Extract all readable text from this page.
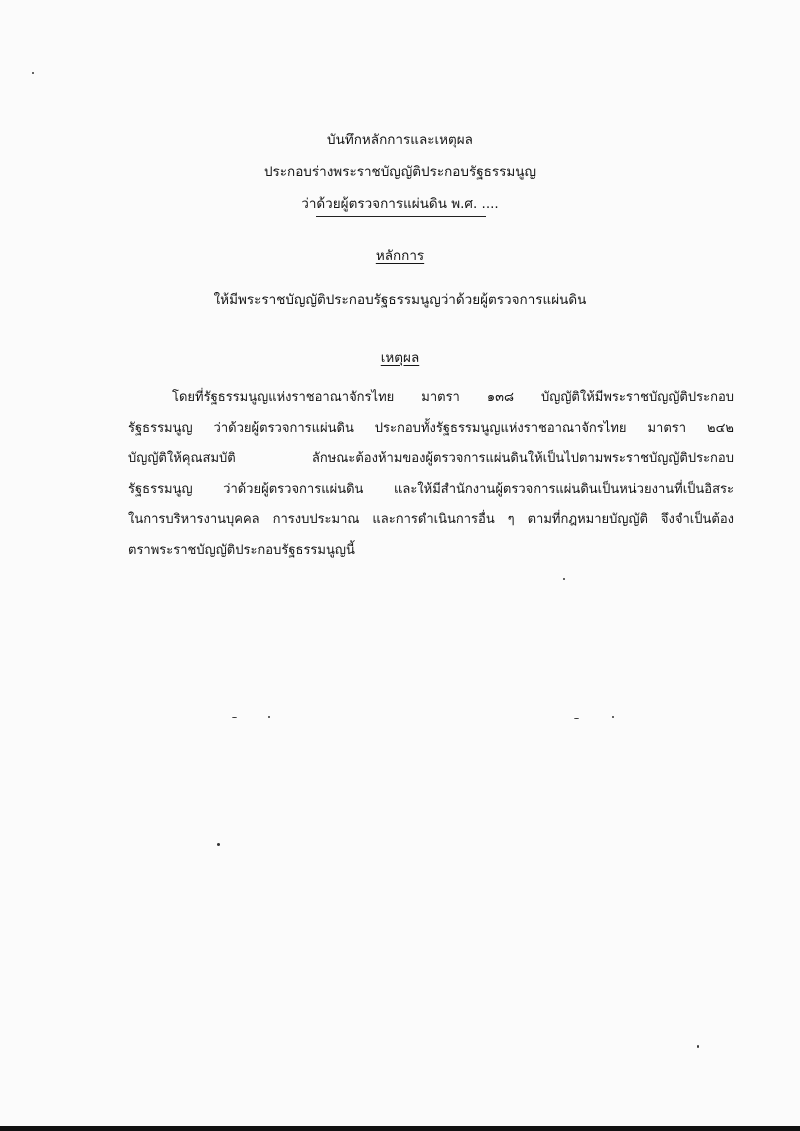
บันทึกหลักการและเหตุผล
ประกอบร่างพระราชบัญญัติประกอบรัฐธรรมนูญ
ว่าด้วยผู้ตรวจการแผ่นดิน พ.ศ. ....
หลักการ
ให้มีพระราชบัญญัติประกอบรัฐธรรมนูญว่าด้วยผู้ตรวจการแผ่นดิน
เหตุผล
โดยที่รัฐธรรมนูญแห่งราชอาณาจักรไทย มาตรา ๑๓๘ บัญญัติให้มีพระราชบัญญัติประกอบ
รัฐธรรมนูญ ว่าด้วยผู้ตรวจการแผ่นดิน ประกอบทั้งรัฐธรรมนูญแห่งราชอาณาจักรไทย มาตรา ๒๔๒
บัญญัติให้คุณสมบัติ ลักษณะต้องห้ามของผู้ตรวจการแผ่นดินให้เป็นไปตามพระราชบัญญัติประกอบ
รัฐธรรมนูญ ว่าด้วยผู้ตรวจการแผ่นดิน และให้มีสำนักงานผู้ตรวจการแผ่นดินเป็นหน่วยงานที่เป็นอิสระ
ในการบริหารงานบุคคล การงบประมาณ และการดำเนินการอื่น ๆ ตามที่กฎหมายบัญญัติ จึงจำเป็นต้อง
ตราพระราชบัญญัติประกอบรัฐธรรมนูญนี้
